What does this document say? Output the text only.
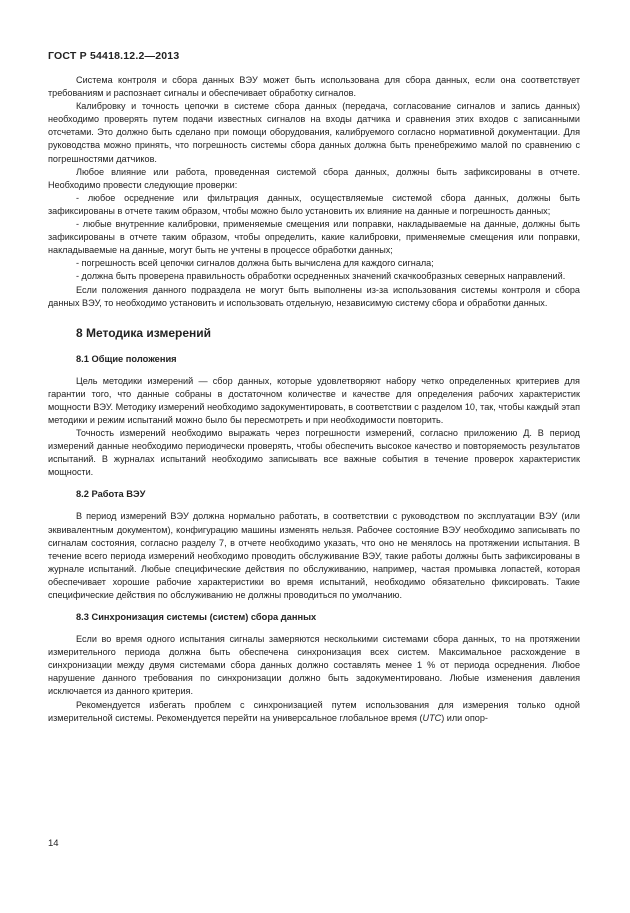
ГОСТ Р 54418.12.2—2013

Система контроля и сбора данных ВЭУ может быть использована для сбора данных, если она соответствует требованиям и распознает сигналы и обеспечивает обработку сигналов.

Калибровку и точность цепочки в системе сбора данных (передача, согласование сигналов и запись данных) необходимо проверять путем подачи известных сигналов на входы датчика и сравнения этих входов с записанными отсчетами. Это должно быть сделано при помощи оборудования, калибруемого согласно нормативной документации. Для руководства можно принять, что погрешность системы сбора данных должна быть пренебрежимо малой по сравнению с погрешностями датчиков.

Любое влияние или работа, проведенная системой сбора данных, должны быть зафиксированы в отчете. Необходимо провести следующие проверки:

- любое осреднение или фильтрация данных, осуществляемые системой сбора данных, должны быть зафиксированы в отчете таким образом, чтобы можно было установить их влияние на данные и погрешность данных;

- любые внутренние калибровки, применяемые смещения или поправки, накладываемые на данные, должны быть зафиксированы в отчете таким образом, чтобы определить, какие калибровки, применяемые смещения или поправки, накладываемые на данные, могут быть не учтены в процессе обработки данных;

- погрешность всей цепочки сигналов должна быть вычислена для каждого сигнала;

- должна быть проверена правильность обработки осредненных значений скачкообразных северных направлений.

Если положения данного подраздела не могут быть выполнены из-за использования системы контроля и сбора данных ВЭУ, то необходимо установить и использовать отдельную, независимую систему сбора и обработки данных.

8 Методика измерений
8.1 Общие положения

Цель методики измерений — сбор данных, которые удовлетворяют набору четко определенных критериев для гарантии того, что данные собраны в достаточном количестве и качестве для определения рабочих характеристик мощности ВЭУ. Методику измерений необходимо задокументировать, в соответствии с разделом 10, так, чтобы каждый этап методики и режим испытаний можно было бы пересмотреть и при необходимости повторить.

Точность измерений необходимо выражать через погрешности измерений, согласно приложению Д. В период измерений данные необходимо периодически проверять, чтобы обеспечить высокое качество и повторяемость результатов испытаний. В журналах испытаний необходимо записывать все важные события в течение проверок характеристик мощности.

8.2 Работа ВЭУ

В период измерений ВЭУ должна нормально работать, в соответствии с руководством по эксплуатации ВЭУ (или эквивалентным документом), конфигурацию машины изменять нельзя. Рабочее состояние ВЭУ необходимо записывать по сигналам состояния, согласно разделу 7, в отчете необходимо указать, что оно не менялось на протяжении испытания. В течение всего периода измерений необходимо проводить обслуживание ВЭУ, такие работы должны быть зафиксированы в журнале испытаний. Любые специфические действия по обслуживанию, например, частая промывка лопастей, которая обеспечивает хорошие рабочие характеристики во время испытаний, необходимо обязательно фиксировать. Такие специфические действия по обслуживанию не должны проводиться по умолчанию.

8.3 Синхронизация системы (систем) сбора данных

Если во время одного испытания сигналы замеряются несколькими системами сбора данных, то на протяжении измерительного периода должна быть обеспечена синхронизация всех систем. Максимальное расхождение в синхронизации между двумя системами сбора данных должно составлять менее 1 % от периода осреднения. Любое нарушение данного требования по синхронизации должно быть задокументировано. Любые изменения давления исключается из данного критерия.

Рекомендуется избегать проблем с синхронизацией путем использования для измерения только одной измерительной системы. Рекомендуется перейти на универсальное глобальное время (UTC) или опор-

14
